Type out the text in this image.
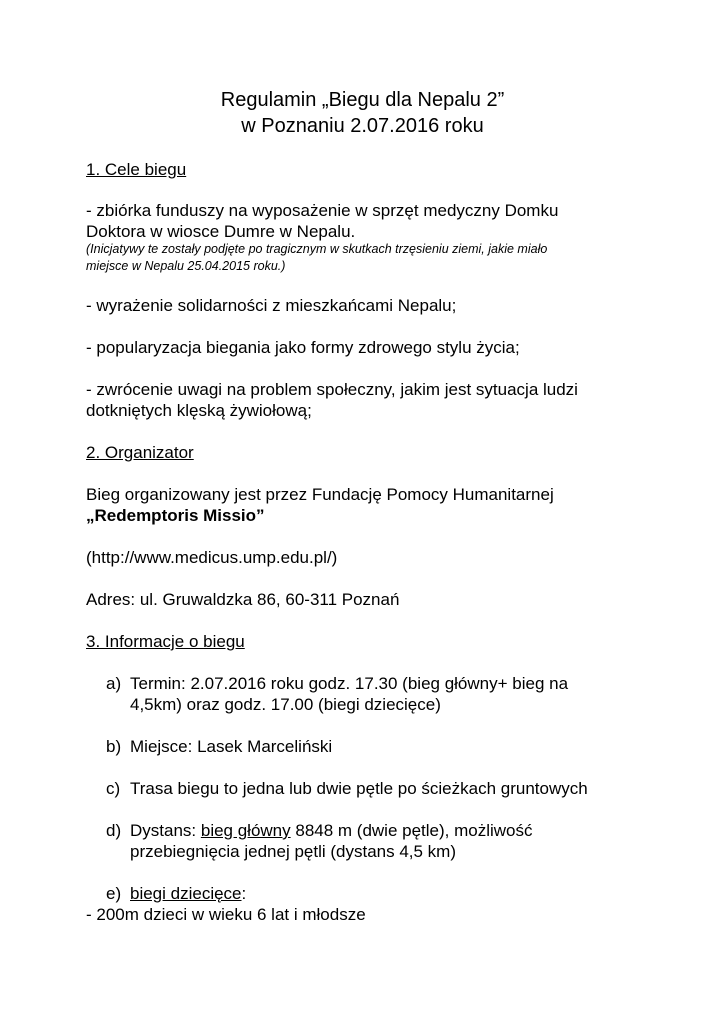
Regulamin „Biegu dla Nepalu 2”
w Poznaniu 2.07.2016 roku
1. Cele biegu
- zbiórka funduszy na wyposażenie w sprzęt medyczny Domku
Doktora w wiosce Dumre w Nepalu.
(Inicjatywy te zostały podjęte po tragicznym w skutkach trzęsieniu ziemi, jakie miało
miejsce w Nepalu 25.04.2015 roku.)
- wyrażenie solidarności z mieszkańcami Nepalu;
- popularyzacja biegania jako formy zdrowego stylu życia;
- zwrócenie uwagi na problem społeczny, jakim jest sytuacja ludzi
dotkniętych klęską żywiołową;
2. Organizator
Bieg organizowany jest przez Fundację Pomocy Humanitarnej
„Redemptoris Missio”
(http://www.medicus.ump.edu.pl/)
Adres: ul. Gruwaldzka 86, 60-311 Poznań
3. Informacje o biegu
a) Termin: 2.07.2016 roku godz. 17.30 (bieg główny+ bieg na
4,5km) oraz godz. 17.00 (biegi dziecięce)
b) Miejsce: Lasek Marceliński
c) Trasa biegu to jedna lub dwie pętle po ścieżkach gruntowych
d) Dystans: bieg główny 8848 m (dwie pętle), możliwość
przebiegnięcia jednej pętli (dystans 4,5 km)
e) biegi dziecięce:
- 200m dzieci w wieku 6 lat i młodsze
